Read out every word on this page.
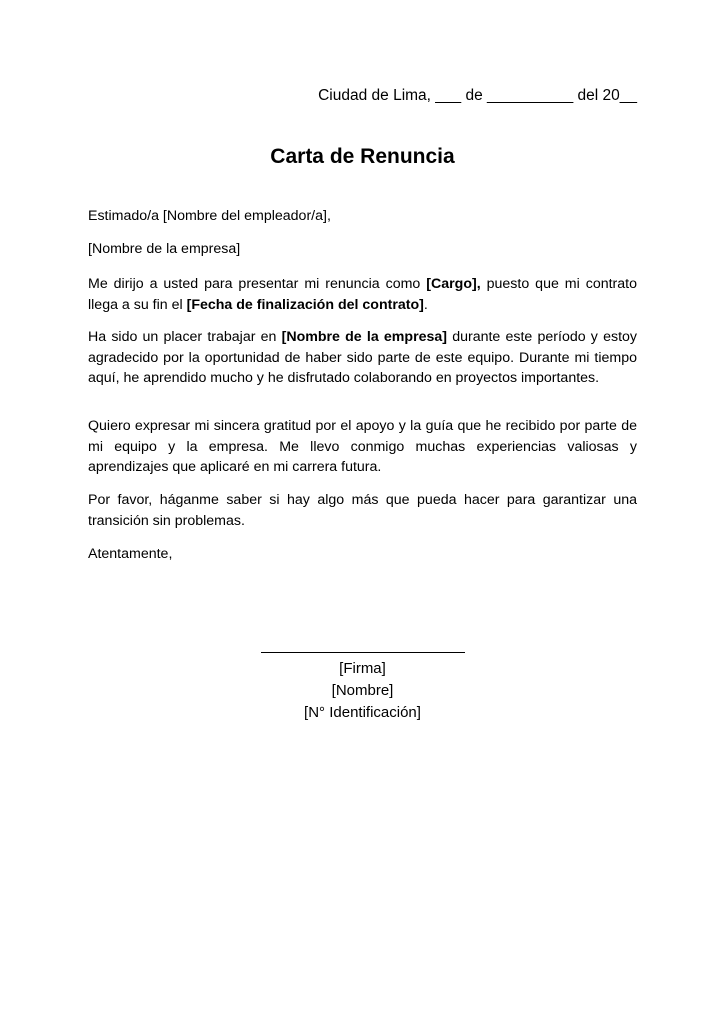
Ciudad de Lima, ___ de __________ del 20__
Carta de Renuncia
Estimado/a [Nombre del empleador/a],
[Nombre de la empresa]
Me dirijo a usted para presentar mi renuncia como [Cargo], puesto que mi contrato llega a su fin el [Fecha de finalización del contrato].
Ha sido un placer trabajar en [Nombre de la empresa] durante este período y estoy agradecido por la oportunidad de haber sido parte de este equipo. Durante mi tiempo aquí, he aprendido mucho y he disfrutado colaborando en proyectos importantes.
Quiero expresar mi sincera gratitud por el apoyo y la guía que he recibido por parte de mi equipo y la empresa. Me llevo conmigo muchas experiencias valiosas y aprendizajes que aplicaré en mi carrera futura.
Por favor, háganme saber si hay algo más que pueda hacer para garantizar una transición sin problemas.
Atentamente,
[Firma]
[Nombre]
[N° Identificación]
